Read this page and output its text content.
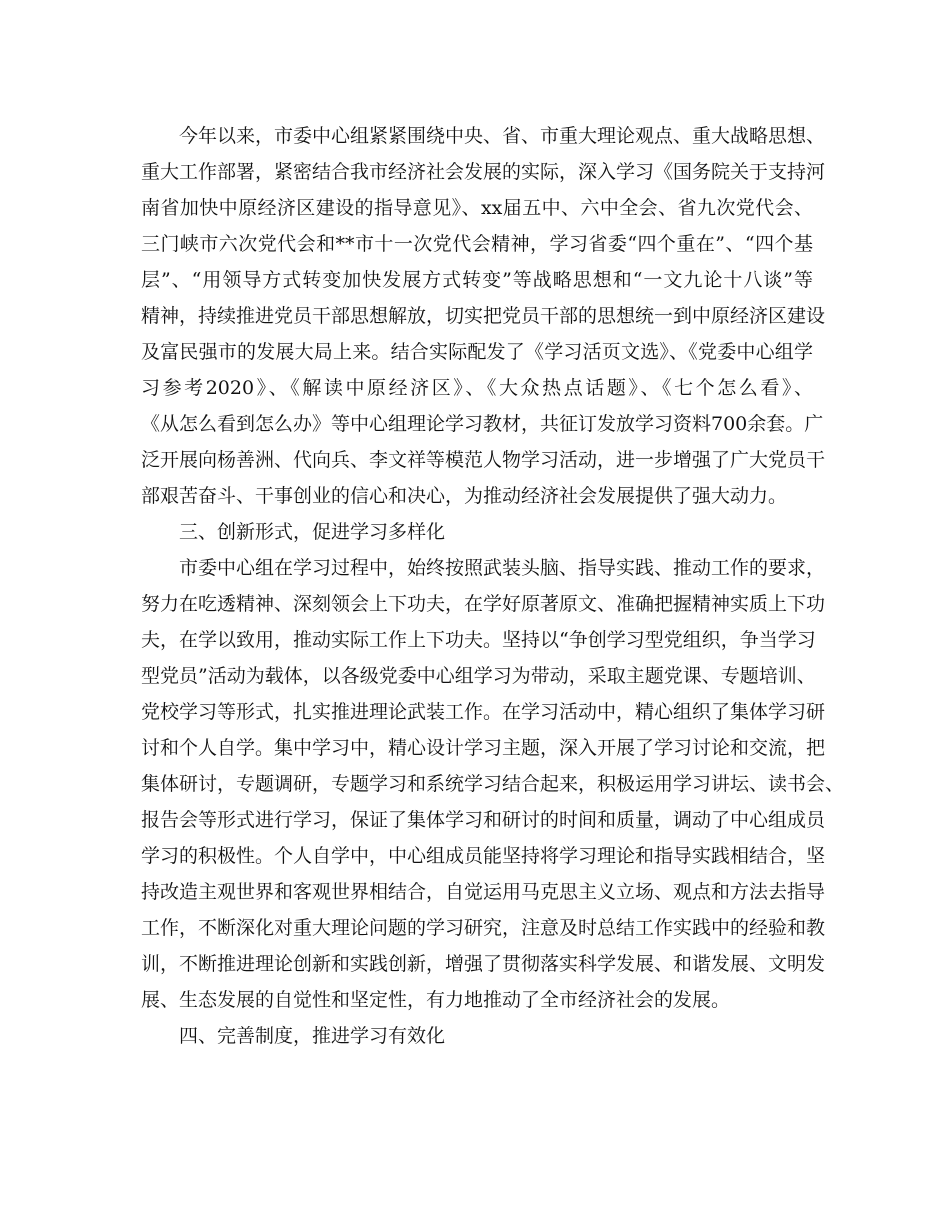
今年以来，市委中心组紧紧围绕中央、省、市重大理论观点、重大战略思想、
重大工作部署，紧密结合我市经济社会发展的实际，深入学习《国务院关于支持河
南省加快中原经济区建设的指导意见》、xx届五中、六中全会、省九次党代会、
三门峡市六次党代会和**市十一次党代会精神，学习省委“四个重在”、“四个基
层”、“用领导方式转变加快发展方式转变”等战略思想和“一文九论十八谈”等
精神，持续推进党员干部思想解放，切实把党员干部的思想统一到中原经济区建设
及富民强市的发展大局上来。结合实际配发了《学习活页文选》、《党委中心组学
习参考2020》、《解读中原经济区》、《大众热点话题》、《七个怎么看》、
《从怎么看到怎么办》等中心组理论学习教材，共征订发放学习资料700余套。广
泛开展向杨善洲、代向兵、李文祥等模范人物学习活动，进一步增强了广大党员干
部艰苦奋斗、干事创业的信心和决心，为推动经济社会发展提供了强大动力。
三、创新形式，促进学习多样化
市委中心组在学习过程中，始终按照武装头脑、指导实践、推动工作的要求，
努力在吃透精神、深刻领会上下功夫，在学好原著原文、准确把握精神实质上下功
夫，在学以致用，推动实际工作上下功夫。坚持以“争创学习型党组织，争当学习
型党员”活动为载体，以各级党委中心组学习为带动，采取主题党课、专题培训、
党校学习等形式，扎实推进理论武装工作。在学习活动中，精心组织了集体学习研
讨和个人自学。集中学习中，精心设计学习主题，深入开展了学习讨论和交流，把
集体研讨，专题调研，专题学习和系统学习结合起来，积极运用学习讲坛、读书会、
报告会等形式进行学习，保证了集体学习和研讨的时间和质量，调动了中心组成员
学习的积极性。个人自学中，中心组成员能坚持将学习理论和指导实践相结合，坚
持改造主观世界和客观世界相结合，自觉运用马克思主义立场、观点和方法去指导
工作，不断深化对重大理论问题的学习研究，注意及时总结工作实践中的经验和教
训，不断推进理论创新和实践创新，增强了贯彻落实科学发展、和谐发展、文明发
展、生态发展的自觉性和坚定性，有力地推动了全市经济社会的发展。
四、完善制度，推进学习有效化
